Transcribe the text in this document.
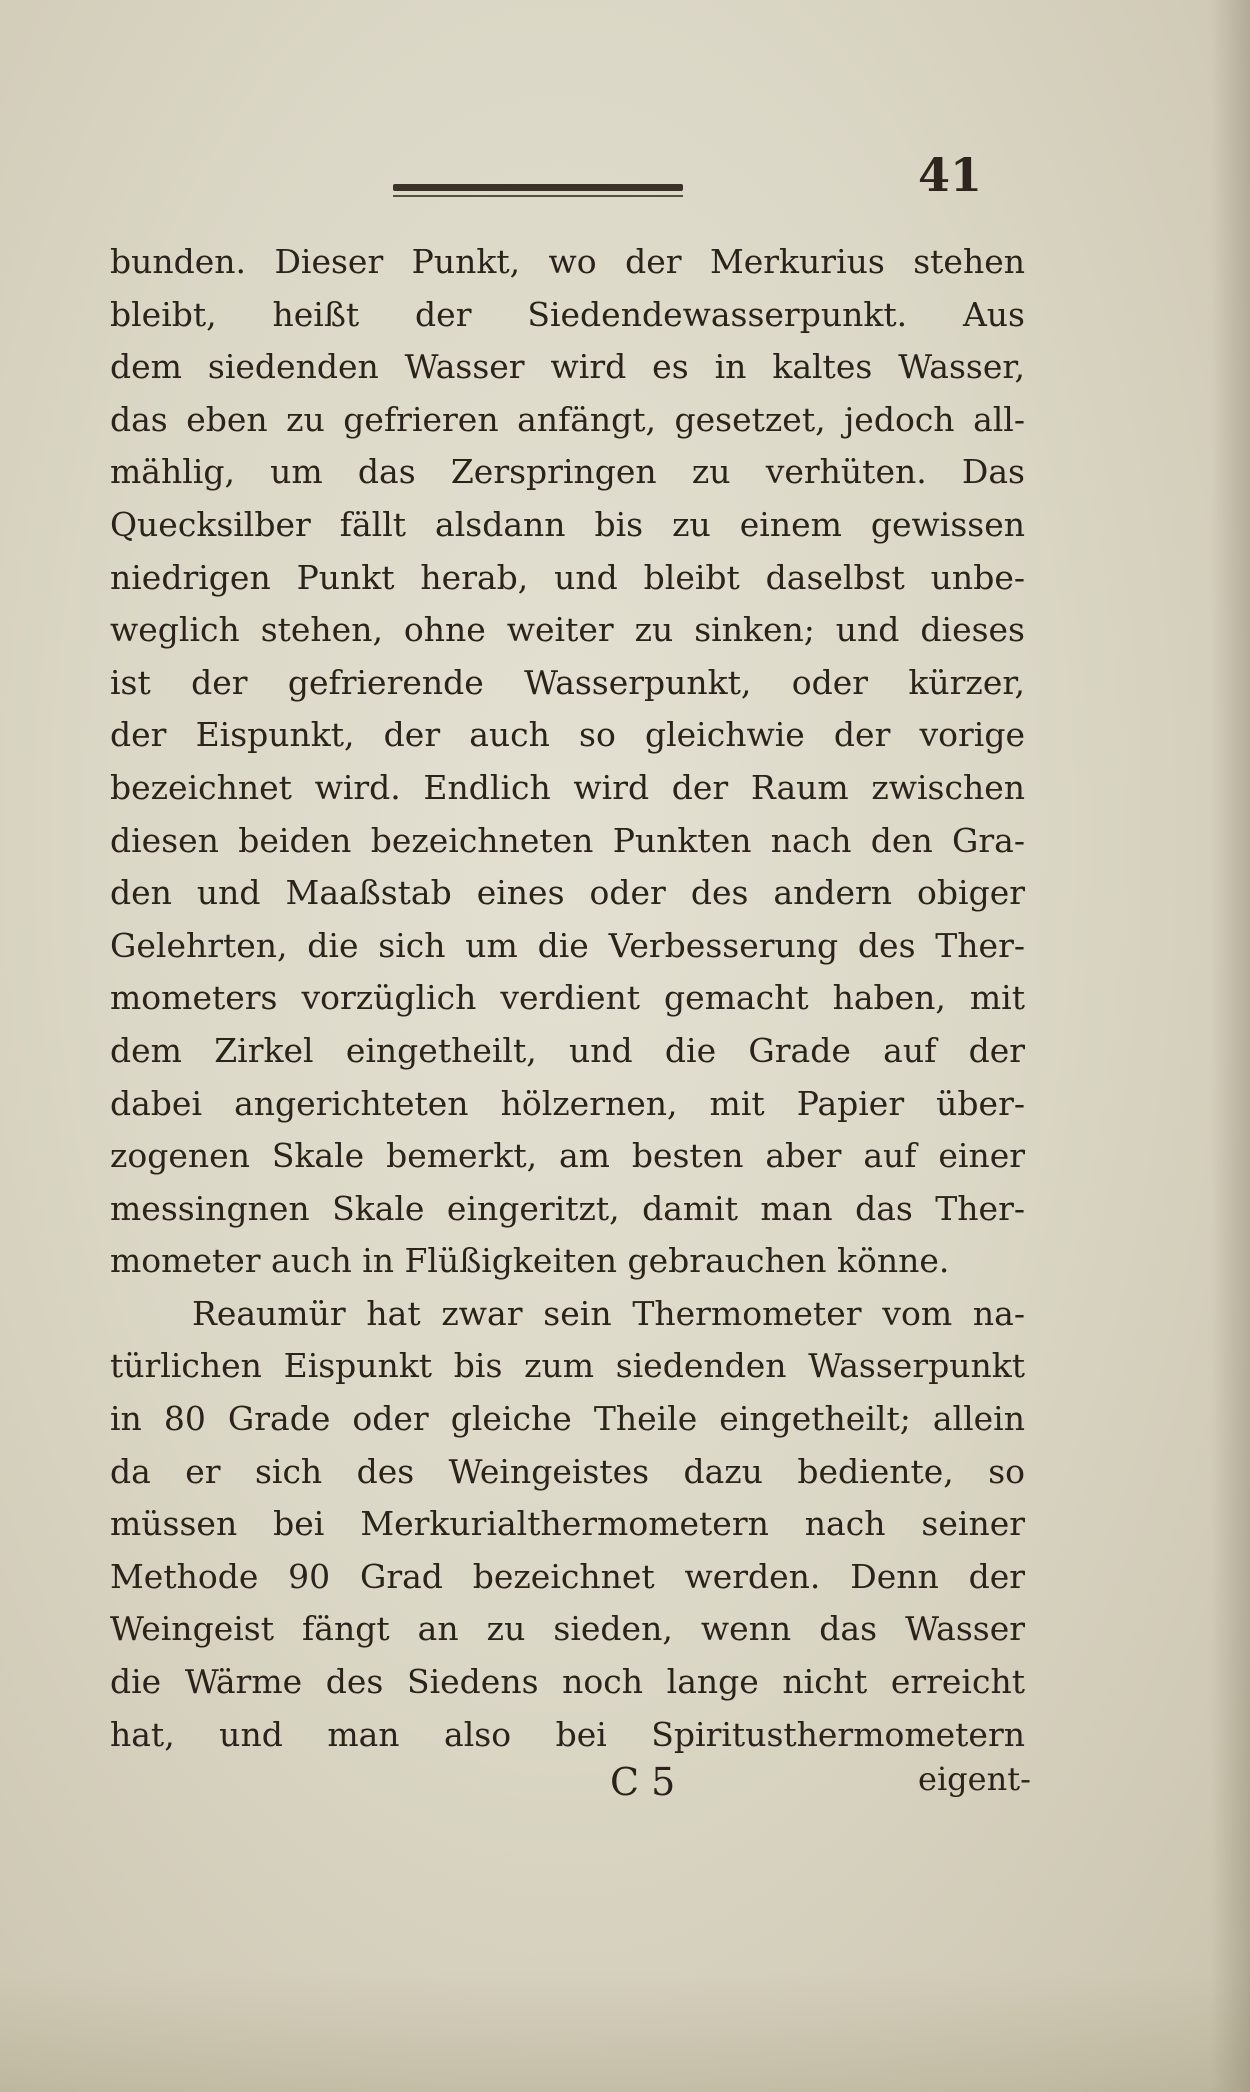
41
bunden. Dieser Punkt, wo der Merkurius stehen
bleibt, heißt der Siedendewasserpunkt. Aus
dem siedenden Wasser wird es in kaltes Wasser,
das eben zu gefrieren anfängt, gesetzet, jedoch all-
mählig, um das Zerspringen zu verhüten. Das
Quecksilber fällt alsdann bis zu einem gewissen
niedrigen Punkt herab, und bleibt daselbst unbe-
weglich stehen, ohne weiter zu sinken; und dieses
ist der gefrierende Wasserpunkt, oder kürzer,
der Eispunkt, der auch so gleichwie der vorige
bezeichnet wird. Endlich wird der Raum zwischen
diesen beiden bezeichneten Punkten nach den Gra-
den und Maaßstab eines oder des andern obiger
Gelehrten, die sich um die Verbesserung des Ther-
mometers vorzüglich verdient gemacht haben, mit
dem Zirkel eingetheilt, und die Grade auf der
dabei angerichteten hölzernen, mit Papier über-
zogenen Skale bemerkt, am besten aber auf einer
messingnen Skale eingeritzt, damit man das Ther-
mometer auch in Flüßigkeiten gebrauchen könne.
Reaumür hat zwar sein Thermometer vom na-
türlichen Eispunkt bis zum siedenden Wasserpunkt
in 80 Grade oder gleiche Theile eingetheilt; allein
da er sich des Weingeistes dazu bediente, so
müssen bei Merkurialthermometern nach seiner
Methode 90 Grad bezeichnet werden. Denn der
Weingeist fängt an zu sieden, wenn das Wasser
die Wärme des Siedens noch lange nicht erreicht
hat, und man also bei Spiritusthermometern
C 5	eigent-
